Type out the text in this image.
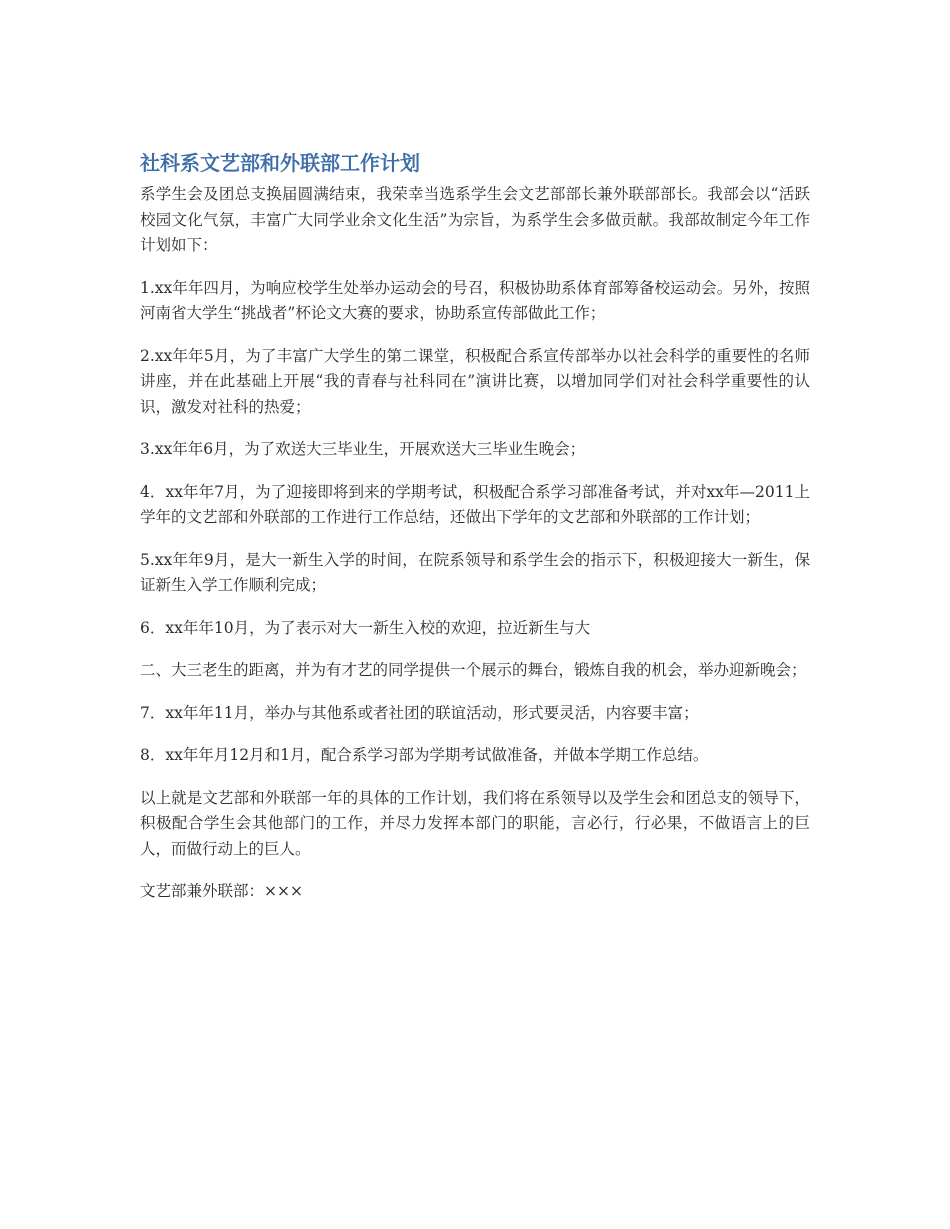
社科系文艺部和外联部工作计划

系学生会及团总支换届圆满结束，我荣幸当选系学生会文艺部部长兼外联部部长。我部会以“活跃校园文化气氛，丰富广大同学业余文化生活”为宗旨，为系学生会多做贡献。我部故制定今年工作计划如下：

1.xx年年四月，为响应校学生处举办运动会的号召，积极协助系体育部筹备校运动会。另外，按照河南省大学生“挑战者”杯论文大赛的要求，协助系宣传部做此工作；

2.xx年年5月，为了丰富广大学生的第二课堂，积极配合系宣传部举办以社会科学的重要性的名师讲座，并在此基础上开展“我的青春与社科同在”演讲比赛，以增加同学们对社会科学重要性的认识，激发对社科的热爱；

3.xx年年6月，为了欢送大三毕业生，开展欢送大三毕业生晚会；

4．xx年年7月，为了迎接即将到来的学期考试，积极配合系学习部准备考试，并对xx年—2011上学年的文艺部和外联部的工作进行工作总结，还做出下学年的文艺部和外联部的工作计划；

5.xx年年9月，是大一新生入学的时间，在院系领导和系学生会的指示下，积极迎接大一新生，保证新生入学工作顺利完成；

6．xx年年10月，为了表示对大一新生入校的欢迎，拉近新生与大

二、大三老生的距离，并为有才艺的同学提供一个展示的舞台，锻炼自我的机会，举办迎新晚会；

7．xx年年11月，举办与其他系或者社团的联谊活动，形式要灵活，内容要丰富；

8．xx年年月12月和1月，配合系学习部为学期考试做准备，并做本学期工作总结。

以上就是文艺部和外联部一年的具体的工作计划，我们将在系领导以及学生会和团总支的领导下，积极配合学生会其他部门的工作，并尽力发挥本部门的职能，言必行，行必果，不做语言上的巨人，而做行动上的巨人。

文艺部兼外联部：×××
